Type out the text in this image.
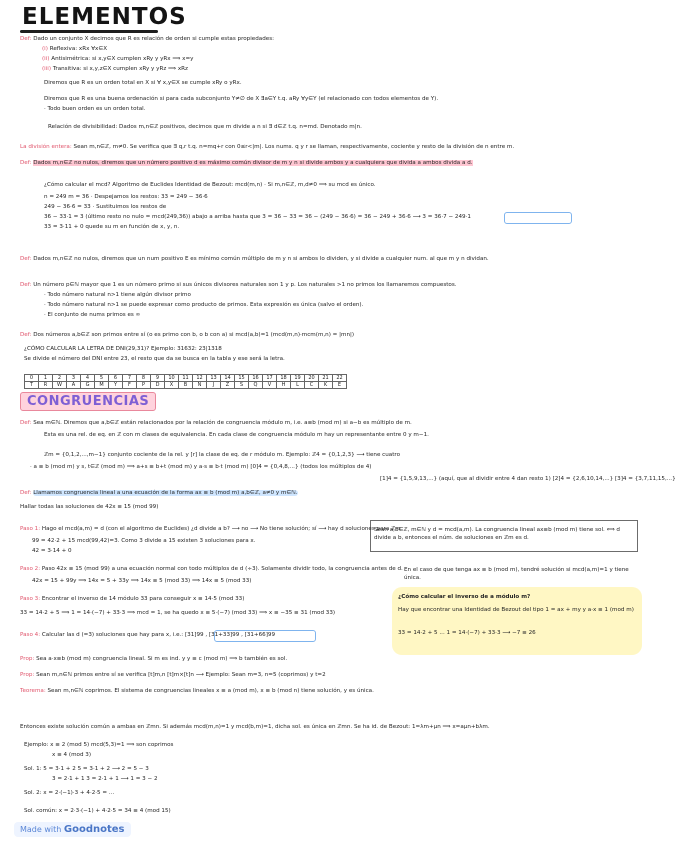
ELEMENTOS
Def: Dado un conjunto X decimos que R es relación de orden si cumple estas propiedades:
(i) Reflexiva: xRx ∀x∈X
(ii) Antisimétrica: si x,y∈X cumplen xRy y yRx ⟹ x=y
(iii) Transitiva: si x,y,z∈X cumplen xRy y yRz ⟹ xRz
Diremos que R es un orden total en X si ∀ x,y∈X se cumple xRy o yRx.
Diremos que R es una buena ordenación si para cada subconjunto Y≠∅ de X ∃a∈Y t.q. aRy ∀y∈Y (el relacionado con todos elementos de Y).
· Todo buen orden es un orden total.
Relación de divisibilidad: Dados m,n∈ℤ positivos, decimos que m divide a n si ∃ d∈ℤ t.q. n=md. Denotado m|n.
La división entera: Sean m,n∈ℤ, m≠0. Se verifica que ∃ q,r t.q. n=mq+r con 0≤r<|m|. Los nums. q y r se llaman, respectivamente, cociente y resto de la división de n entre m.
Def: Dados m,n∈ℤ no nulos, diremos que un número positivo d es máximo común divisor de m y n si divide ambos y a cualquiera que divida a ambos divida a d.
¿Cómo calcular el mcd? Algoritmo de Euclides Identidad de Bezout: mcd(m,n) · Si m,n∈ℤ, m,d≠0 ⟹ su mcd es único.
n = 249 m = 36 · Despejamos los restos: 33 = 249 − 36·6
249 − 36·6 = 33 · Sustituimos los restos de
36 − 33·1 = 3 (último resto no nulo = mcd(249,36)) abajo a arriba hasta que 3 = 36 − 33 = 36 − (249 − 36·6) = 36 − 249 + 36·6 ⟶ 3 = 36·7 − 249·1
33 = 3·11 + 0 quede su m en función de x, y, n.
Def: Dados m,n∈ℤ no nulos, diremos que un num positivo E es mínimo común múltiplo de m y n si ambos lo dividen, y si divide a cualquier num. al que m y n dividan.
Def: Un número p∈ℕ mayor que 1 es un número primo si sus únicos divisores naturales son 1 y p. Los naturales >1 no primos los llamaremos compuestos.
· Todo número natural n>1 tiene algún divisor primo
· Todo número natural n>1 se puede expresar como producto de primos. Esta expresión es única (salvo el orden).
· El conjunto de nums primos es ∞
Def: Dos números a,b∈ℤ son primos entre sí (o es primo con b, o b con a) si mcd(a,b)=1 (mcd(m,n)·mcm(m,n) = |mn|)
¿CÓMO CALCULAR LA LETRA DE DNI(29,31)? Ejemplo: 31632: 23|1318
Se divide el número del DNI entre 23, el resto que da se busca en la tabla y ese será la letra.
0	1	2	3	4	5	6	7	8	9	10	11	12	13	14	15	16	17	18	19	20	21	22
T	R	W	A	G	M	Y	F	P	D	X	B	N	J	Z	S	Q	V	H	L	C	K	E
CONGRUENCIAS
Def: Sea m∈ℕ. Diremos que a,b∈ℤ están relacionados por la relación de congruencia módulo m, i.e. a≡b (mod m) si a−b es múltiplo de m.
Esta es una rel. de eq. en ℤ con m clases de equivalencia. En cada clase de congruencia módulo m hay un representante entre 0 y m−1.
ℤm = {0,1,2,...,m−1} conjunto cociente de la rel. y [r] la clase de eq. de r módulo m. Ejemplo: ℤ4 = {0,1,2,3} ⟶ tiene cuatro
· a ≡ b (mod m) y s, t∈ℤ (mod m) ⟹ a+s ≡ b+t (mod m) y a·s ≡ b·t (mod m) [0]4 = {0,4,8,...} (todos los múltiplos de 4)
[1]4 = {1,5,9,13,...} (aquí, que al dividir entre 4 dan resto 1) [2]4 = {2,6,10,14,...} [3]4 = {3,7,11,15,...}
Def: Llamamos congruencia lineal a una ecuación de la forma ax ≡ b (mod m) a,b∈ℤ, a≠0 y m∈ℕ.
Hallar todas las soluciones de 42x ≡ 15 (mod 99)
Sean a,b∈ℤ, m∈ℕ y d = mcd(a,m). La congruencia lineal ax≡b (mod m) tiene sol. ⟺ d divide a b, entonces el núm. de soluciones en ℤm es d.
Paso 1: Hago el mcd(a,m) = d (con el algoritmo de Euclides) ¿d divide a b? ⟶ no ⟶ No tiene solución; sí ⟶ hay d soluciones para ℤm
99 = 42·2 + 15 mcd(99,42)=3. Como 3 divide a 15 existen 3 soluciones para x.
42 = 3·14 + 0
Paso 2: Paso 42x ≡ 15 (mod 99) a una ecuación normal con todo múltiplos de d (÷3). Solamente dividir todo, la congruencia antes de d.
42x = 15 + 99y ⟹ 14x = 5 + 33y ⟹ 14x ≡ 5 (mod 33) ⟹ 14x ≡ 5 (mod 33)
En el caso de que tenga ax ≡ b (mod m), tendré solución si mcd(a,m)=1 y tiene única.
¿Cómo calcular el inverso de a módulo m?
Hay que encontrar una Identidad de Bezout del tipo 1 = ax + my y a·x ≡ 1 (mod m)
33 = 14·2 + 5 ... 1 = 14·(−7) + 33·3 ⟶ −7 ≡ 26
Paso 3: Encontrar el inverso de 14 módulo 33 para conseguir x ≡ 14·5 (mod 33)
33 = 14·2 + 5 ⟹ 1 = 14·(−7) + 33·3 ⟹ mcd = 1, se ha quedo x ≡ 5·(−7) (mod 33) ⟹ x ≡ −35 ≡ 31 (mod 33)
Paso 4: Calcular las d (=3) soluciones que hay para x, i.e.: [31]99 , [31+33]99 , [31+66]99
Prop: Sea a·x≡b (mod m) congruencia lineal. Si m es ind. y y ≡ c (mod m) ⟹ b también es sol.
Prop: Sean m,n∈ℕ primos entre sí se verifica [t]m,n [t]m×[t]n ⟶ Ejemplo: Sean m=3, n=5 (coprimos) y t=2
Teorema: Sean m,n∈ℕ coprimos. El sistema de congruencias lineales x ≡ a (mod m), x ≡ b (mod n) tiene solución, y es única.
Entonces existe solución común a ambas en ℤmn. Si además mcd(m,n)=1 y mcd(b,m)=1, dicha sol. es única en ℤmn. Se ha id. de Bezout: 1=λm+μn ⟹ x=aμn+bλm.
Ejemplo: x ≡ 2 (mod 5) mcd(5,3)=1 ⟹ son coprimos
x ≡ 4 (mod 3)
Sol. 1: 5 = 3·1 + 2 5 = 3·1 + 2 ⟶ 2 = 5 − 3
3 = 2·1 + 1 3 = 2·1 + 1 ⟶ 1 = 3 − 2
Sol. 2: x = 2·(−1)·3 + 4·2·5 = ...
Sol. común: x = 2·3·(−1) + 4·2·5 = 34 ≡ 4 (mod 15)
Made with Goodnotes
